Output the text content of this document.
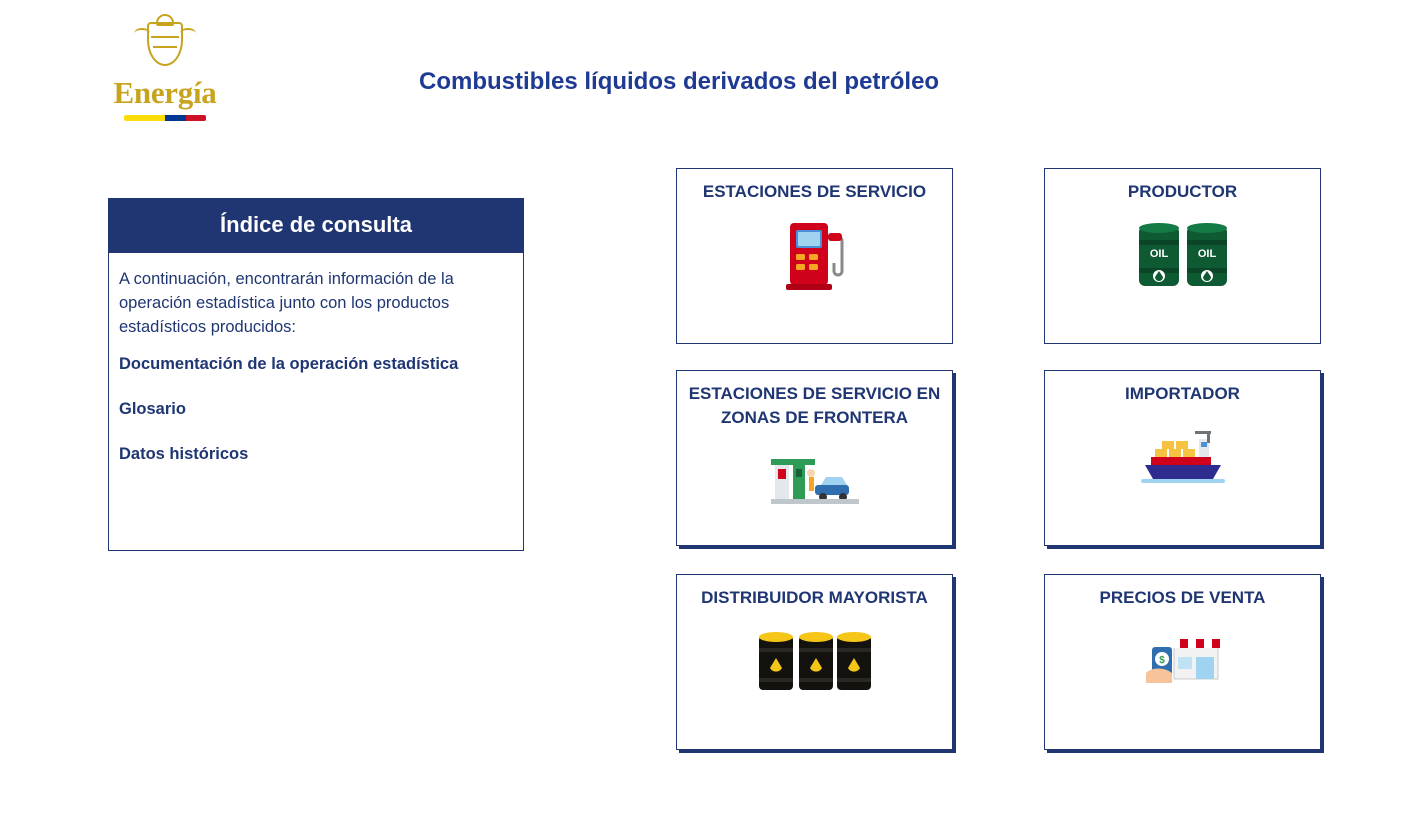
Energía	Combustibles líquidos derivados del petróleo
Índice de consulta

A continuación, encontrarán información de la operación estadística junto con los productos estadísticos producidos:

Documentación de la operación estadística
Glosario
Datos históricos
ESTACIONES DE SERVICIO	PRODUCTOR
OIL	OIL
ESTACIONES DE SERVICIO EN ZONAS DE FRONTERA
IMPORTADOR
DISTRIBUIDOR MAYORISTA	PRECIOS DE VENTA
$
